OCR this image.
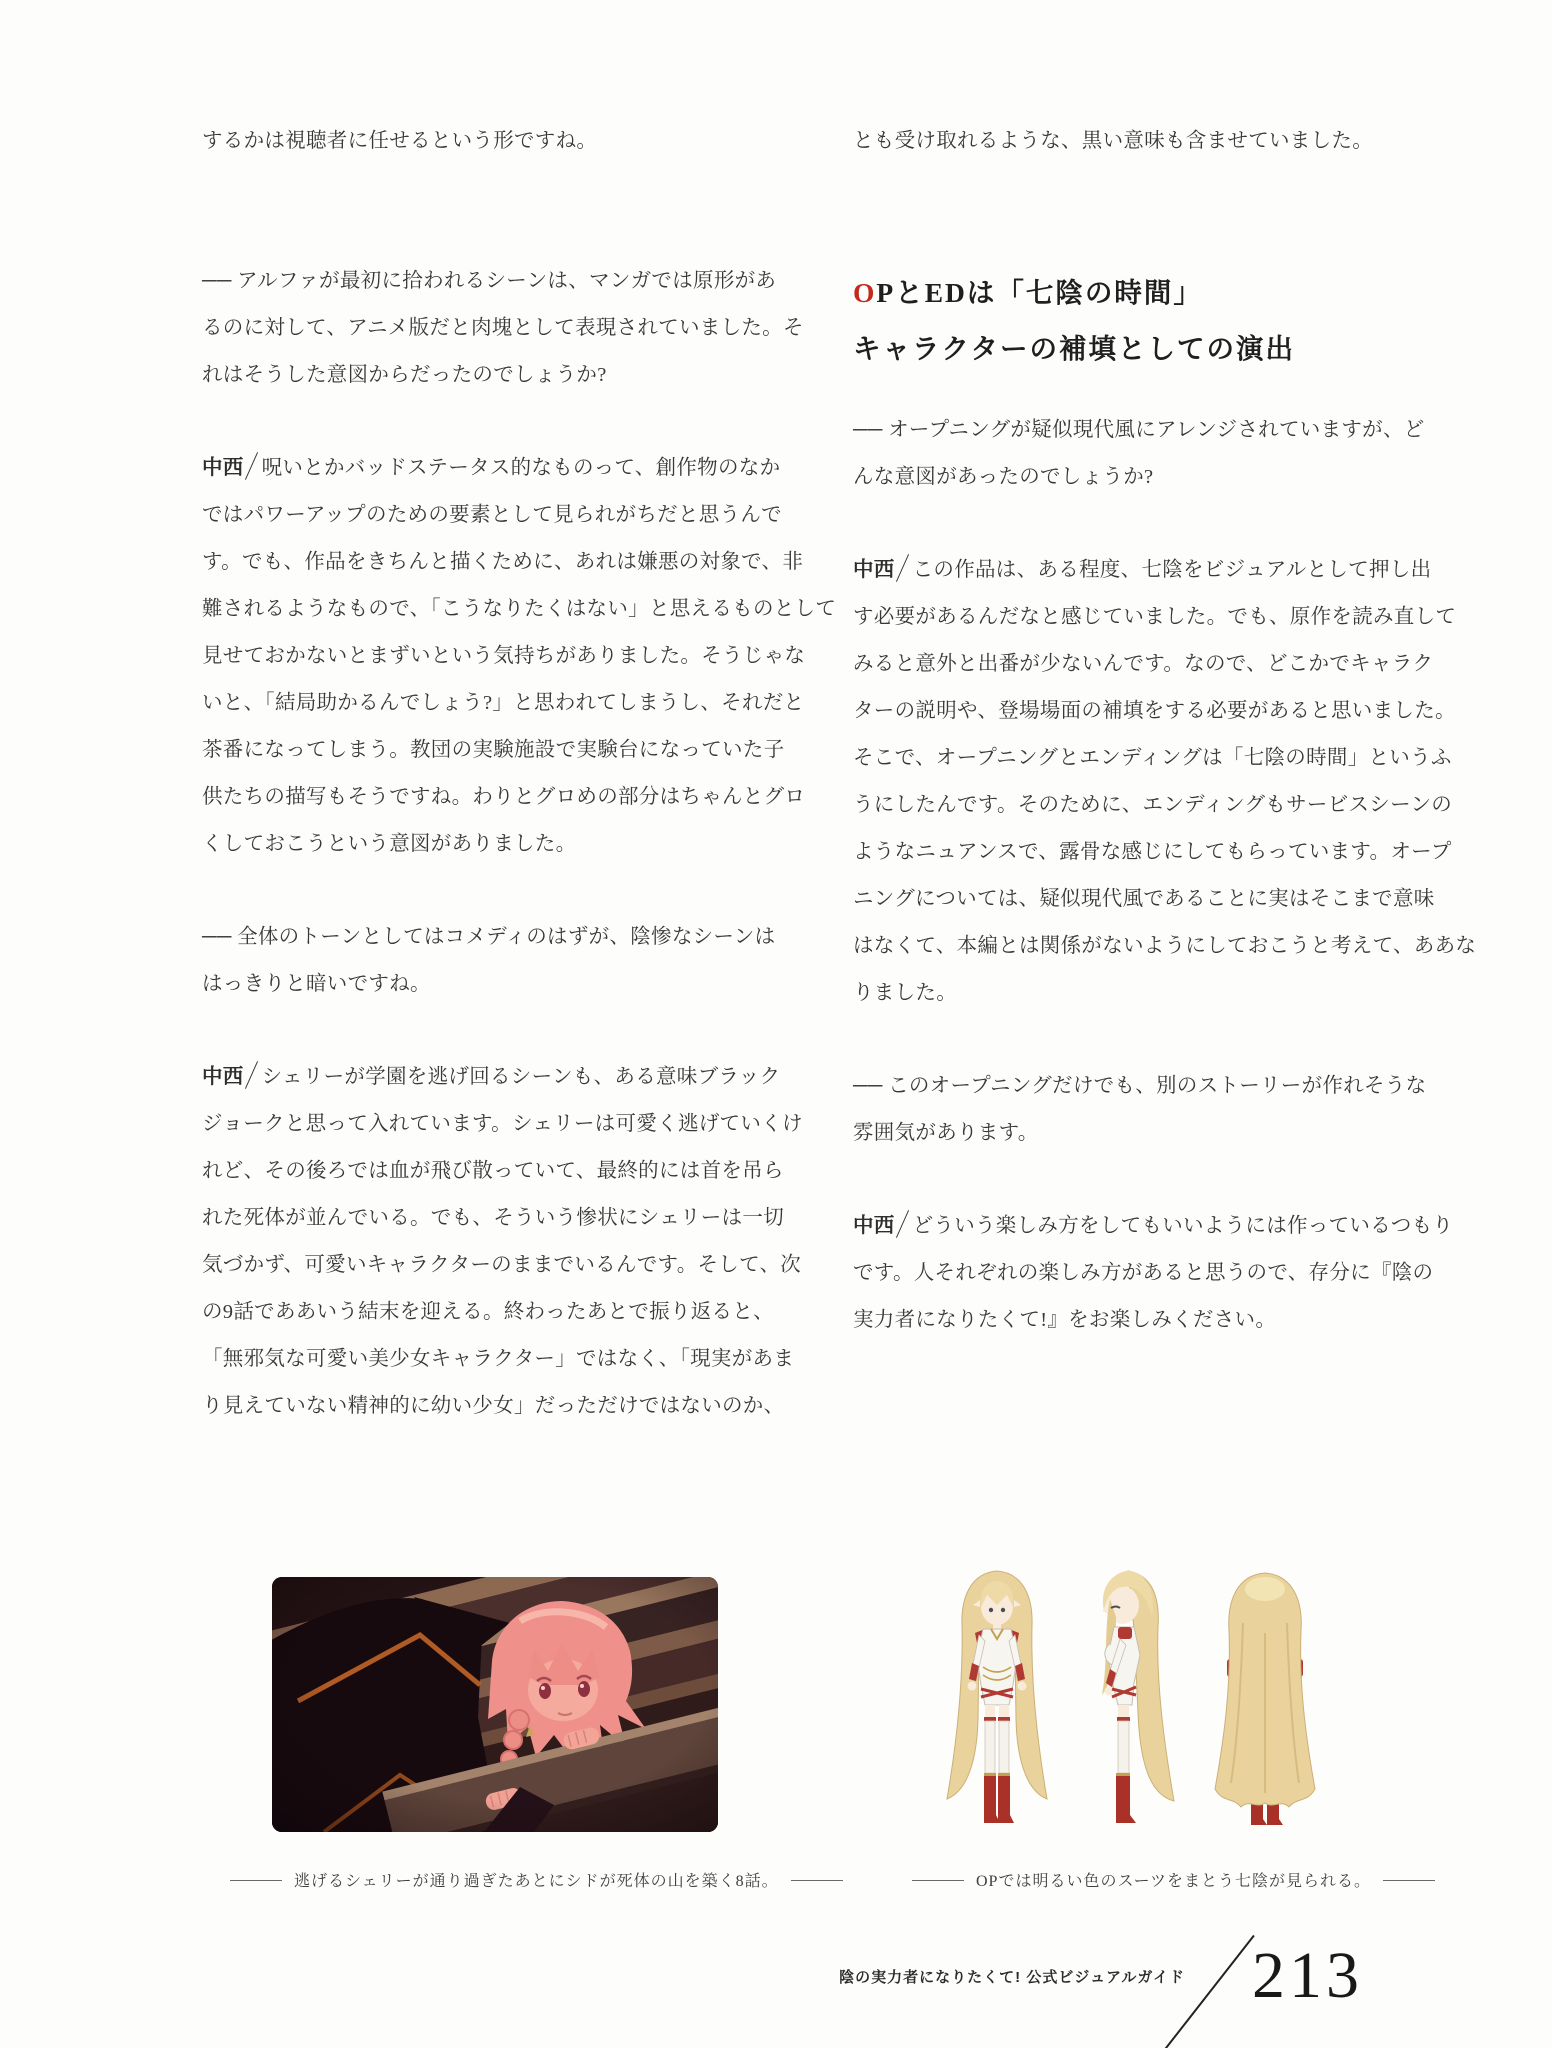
するかは視聴者に任せるという形ですね。
── アルファが最初に拾われるシーンは、マンガでは原形があ
るのに対して、アニメ版だと肉塊として表現されていました。そ
れはそうした意図からだったのでしょうか?
中西 呪いとかバッドステータス的なものって、創作物のなか
ではパワーアップのための要素として見られがちだと思うんで
す。でも、作品をきちんと描くために、あれは嫌悪の対象で、非
難されるようなもので、「こうなりたくはない」と思えるものとして
見せておかないとまずいという気持ちがありました。そうじゃな
いと、「結局助かるんでしょう?」と思われてしまうし、それだと
茶番になってしまう。教団の実験施設で実験台になっていた子
供たちの描写もそうですね。わりとグロめの部分はちゃんとグロ
くしておこうという意図がありました。
── 全体のトーンとしてはコメディのはずが、陰惨なシーンは
はっきりと暗いですね。
中西 シェリーが学園を逃げ回るシーンも、ある意味ブラック
ジョークと思って入れています。シェリーは可愛く逃げていくけ
れど、その後ろでは血が飛び散っていて、最終的には首を吊ら
れた死体が並んでいる。でも、そういう惨状にシェリーは一切
気づかず、可愛いキャラクターのままでいるんです。そして、次
の9話でああいう結末を迎える。終わったあとで振り返ると、
「無邪気な可愛い美少女キャラクター」ではなく、「現実があま
り見えていない精神的に幼い少女」だっただけではないのか、
とも受け取れるような、黒い意味も含ませていました。
OPとEDは「七陰の時間」
キャラクターの補填としての演出
── オープニングが疑似現代風にアレンジされていますが、ど
んな意図があったのでしょうか?
中西 この作品は、ある程度、七陰をビジュアルとして押し出
す必要があるんだなと感じていました。でも、原作を読み直して
みると意外と出番が少ないんです。なので、どこかでキャラク
ターの説明や、登場場面の補填をする必要があると思いました。
そこで、オープニングとエンディングは「七陰の時間」というふ
うにしたんです。そのために、エンディングもサービスシーンの
ようなニュアンスで、露骨な感じにしてもらっています。オープ
ニングについては、疑似現代風であることに実はそこまで意味
はなくて、本編とは関係がないようにしておこうと考えて、ああな
りました。
── このオープニングだけでも、別のストーリーが作れそうな
雰囲気があります。
中西 どういう楽しみ方をしてもいいようには作っているつもり
です。人それぞれの楽しみ方があると思うので、存分に『陰の
実力者になりたくて!』をお楽しみください。
逃げるシェリーが通り過ぎたあとにシドが死体の山を築く8話。	OPでは明るい色のスーツをまとう七陰が見られる。
陰の実力者になりたくて! 公式ビジュアルガイド 213
